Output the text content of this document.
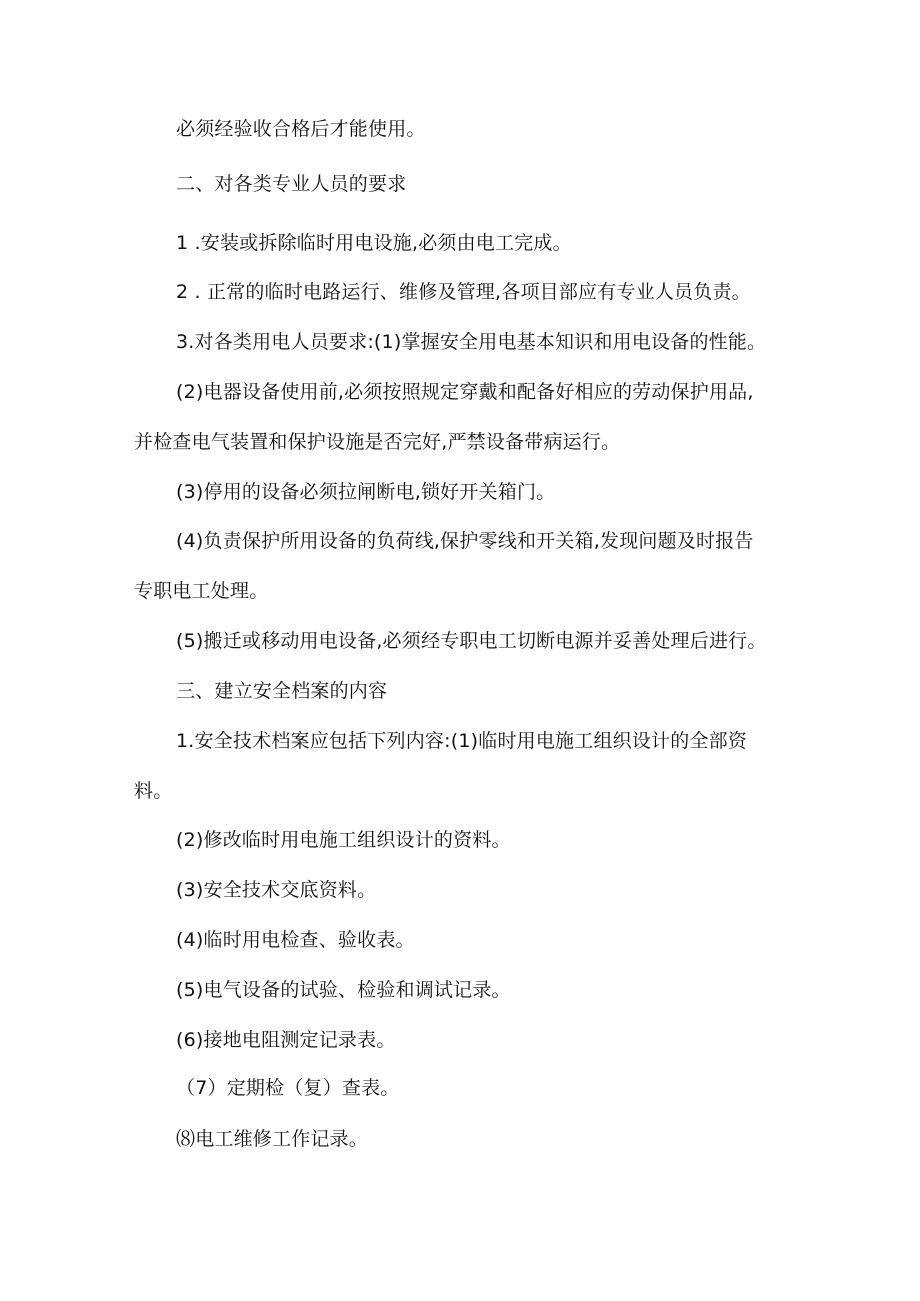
必须经验收合格后才能使用。
二、对各类专业人员的要求
1 .安装或拆除临时用电设施,必须由电工完成。
2 . 正常的临时电路运行、维修及管理,各项目部应有专业人员负责。
3.对各类用电人员要求:(1)掌握安全用电基本知识和用电设备的性能。
(2)电器设备使用前,必须按照规定穿戴和配备好相应的劳动保护用品,
并检查电气装置和保护设施是否完好,严禁设备带病运行。
(3)停用的设备必须拉闸断电,锁好开关箱门。
(4)负责保护所用设备的负荷线,保护零线和开关箱,发现问题及时报告
专职电工处理。
(5)搬迁或移动用电设备,必须经专职电工切断电源并妥善处理后进行。
三、建立安全档案的内容
1.安全技术档案应包括下列内容:(1)临时用电施工组织设计的全部资
料。
(2)修改临时用电施工组织设计的资料。
(3)安全技术交底资料。
(4)临时用电检查、验收表。
(5)电气设备的试验、检验和调试记录。
(6)接地电阻测定记录表。
（7）定期检（复）查表。
⑻电工维修工作记录。
